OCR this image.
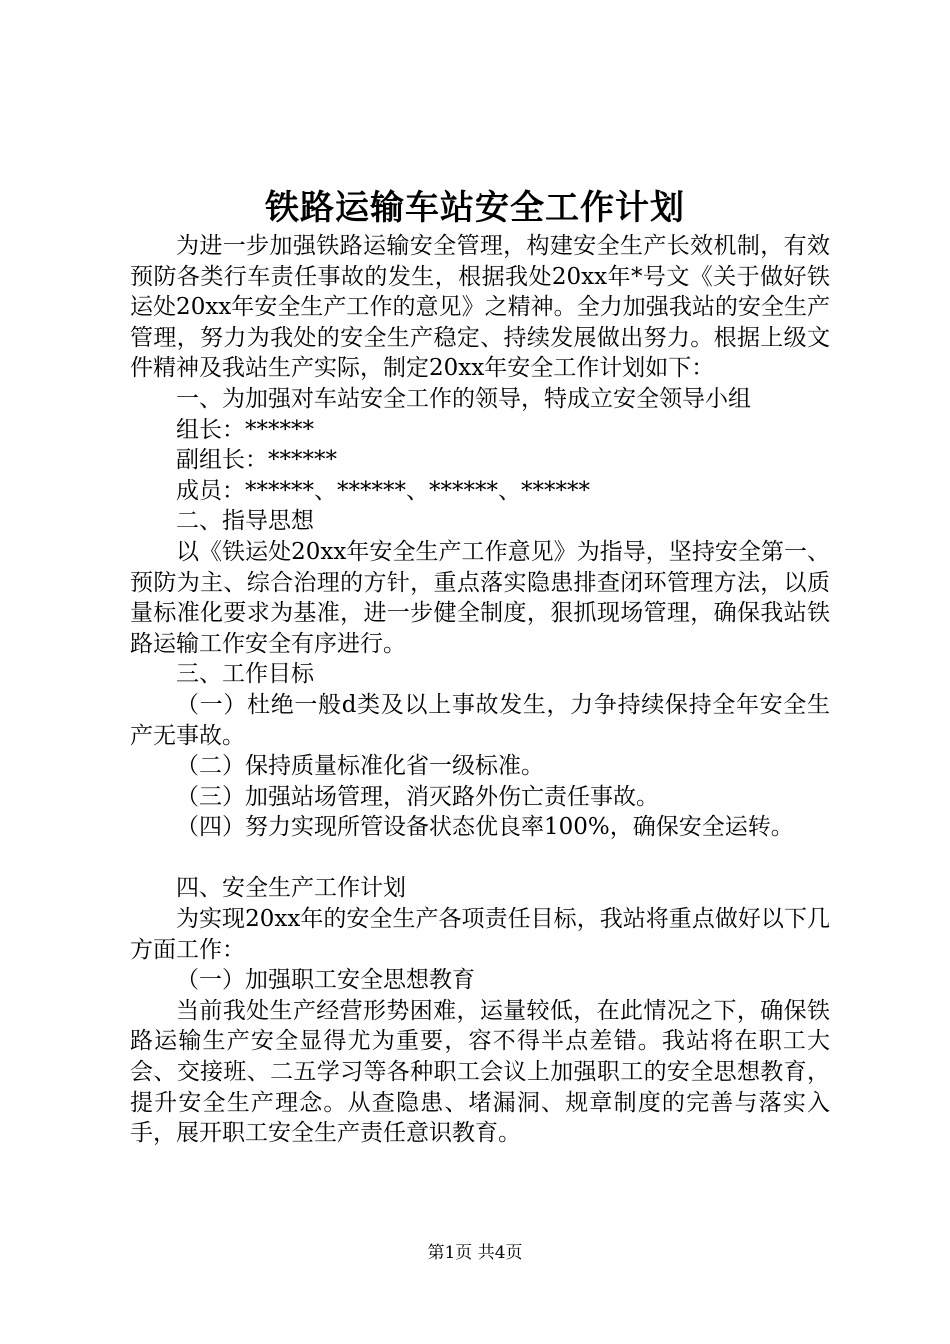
铁路运输车站安全工作计划

为进一步加强铁路运输安全管理，构建安全生产长效机制，有效预防各类行车责任事故的发生，根据我处20xx年*号文《关于做好铁运处20xx年安全生产工作的意见》之精神。全力加强我站的安全生产管理，努力为我处的安全生产稳定、持续发展做出努力。根据上级文件精神及我站生产实际，制定20xx年安全工作计划如下：

一、为加强对车站安全工作的领导，特成立安全领导小组

组长：******

副组长：******

成员：******、******、******、******

二、指导思想

以《铁运处20xx年安全生产工作意见》为指导，坚持安全第一、预防为主、综合治理的方针，重点落实隐患排查闭环管理方法，以质量标准化要求为基准，进一步健全制度，狠抓现场管理，确保我站铁路运输工作安全有序进行。

三、工作目标

（一）杜绝一般d类及以上事故发生，力争持续保持全年安全生产无事故。

（二）保持质量标准化省一级标准。

（三）加强站场管理，消灭路外伤亡责任事故。

（四）努力实现所管设备状态优良率100%，确保安全运转。

四、安全生产工作计划

为实现20xx年的安全生产各项责任目标，我站将重点做好以下几方面工作：

（一）加强职工安全思想教育

当前我处生产经营形势困难，运量较低，在此情况之下，确保铁路运输生产安全显得尤为重要，容不得半点差错。我站将在职工大会、交接班、二五学习等各种职工会议上加强职工的安全思想教育，提升安全生产理念。从查隐患、堵漏洞、规章制度的完善与落实入手，展开职工安全生产责任意识教育。

第1页 共4页
